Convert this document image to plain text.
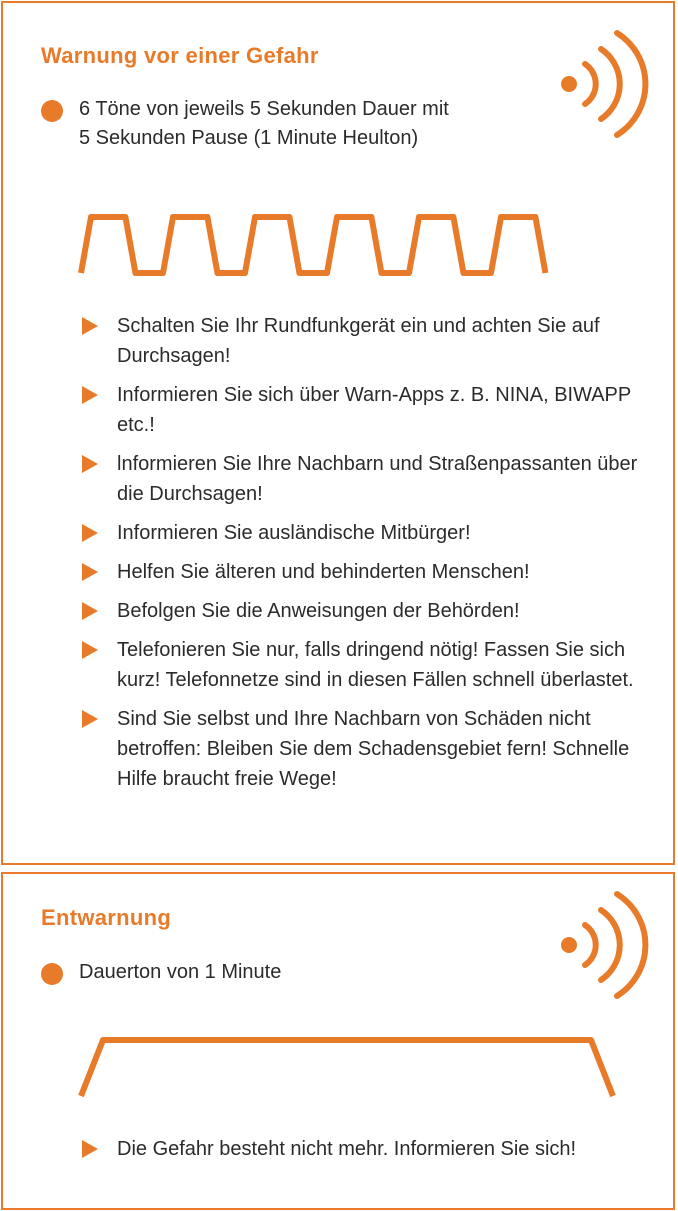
Warnung vor einer Gefahr
6 Töne von jeweils 5 Sekunden Dauer mit
5 Sekunden Pause (1 Minute Heulton)
Schalten Sie Ihr Rundfunkgerät ein und achten Sie auf Durchsagen!
Informieren Sie sich über Warn-Apps z. B. NINA, BIWAPP etc.!
lnformieren Sie Ihre Nachbarn und Straßenpassanten über die Durchsagen!
Informieren Sie ausländische Mitbürger!
Helfen Sie älteren und behinderten Menschen!
Befolgen Sie die Anweisungen der Behörden!
Telefonieren Sie nur, falls dringend nötig! Fassen Sie sich kurz! Telefonnetze sind in diesen Fällen schnell überlastet.
Sind Sie selbst und Ihre Nachbarn von Schäden nicht betroffen: Bleiben Sie dem Schadensgebiet fern! Schnelle Hilfe braucht freie Wege!
Entwarnung
Dauerton von 1 Minute
Die Gefahr besteht nicht mehr. Informieren Sie sich!
